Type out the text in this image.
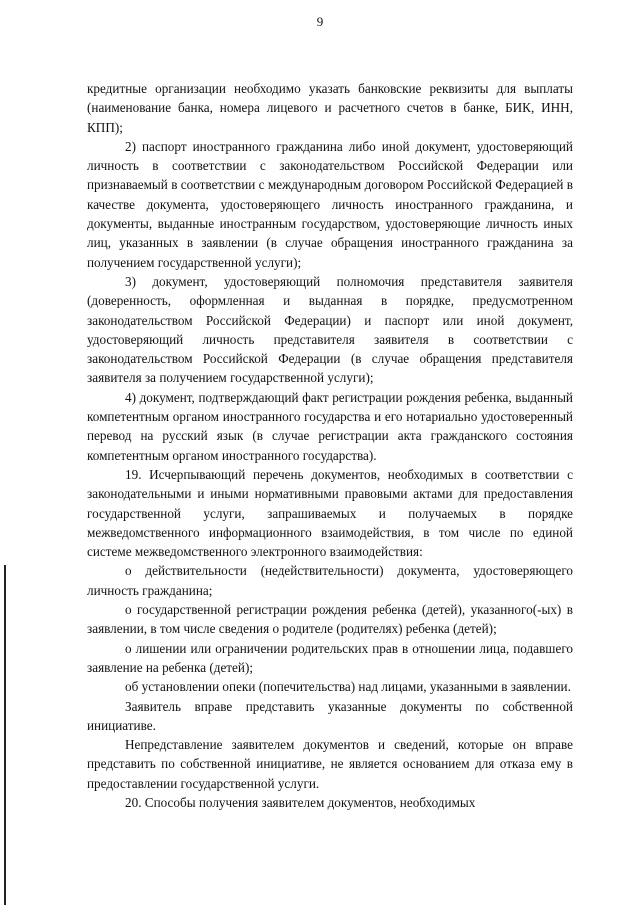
9

кредитные организации необходимо указать банковские реквизиты для выплаты (наименование банка, номера лицевого и расчетного счетов в банке, БИК, ИНН, КПП);

2) паспорт иностранного гражданина либо иной документ, удостоверяющий личность в соответствии с законодательством Российской Федерации или признаваемый в соответствии с международным договором Российской Федерацией в качестве документа, удостоверяющего личность иностранного гражданина, и документы, выданные иностранным государством, удостоверяющие личность иных лиц, указанных в заявлении (в случае обращения иностранного гражданина за получением государственной услуги);

3) документ, удостоверяющий полномочия представителя заявителя (доверенность, оформленная и выданная в порядке, предусмотренном законодательством Российской Федерации) и паспорт или иной документ, удостоверяющий личность представителя заявителя в соответствии с законодательством Российской Федерации (в случае обращения представителя заявителя за получением государственной услуги);

4) документ, подтверждающий факт регистрации рождения ребенка, выданный компетентным органом иностранного государства и его нотариально удостоверенный перевод на русский язык (в случае регистрации акта гражданского состояния компетентным органом иностранного государства).

19. Исчерпывающий перечень документов, необходимых в соответствии с законодательными и иными нормативными правовыми актами для предоставления государственной услуги, запрашиваемых и получаемых в порядке межведомственного информационного взаимодействия, в том числе по единой системе межведомственного электронного взаимодействия:

о действительности (недействительности) документа, удостоверяющего личность гражданина;

о государственной регистрации рождения ребенка (детей), указанного(-ых) в заявлении, в том числе сведения о родителе (родителях) ребенка (детей);

о лишении или ограничении родительских прав в отношении лица, подавшего заявление на ребенка (детей);

об установлении опеки (попечительства) над лицами, указанными в заявлении.

Заявитель вправе представить указанные документы по собственной инициативе.

Непредставление заявителем документов и сведений, которые он вправе представить по собственной инициативе, не является основанием для отказа ему в предоставлении государственной услуги.

20. Способы получения заявителем документов, необходимых
